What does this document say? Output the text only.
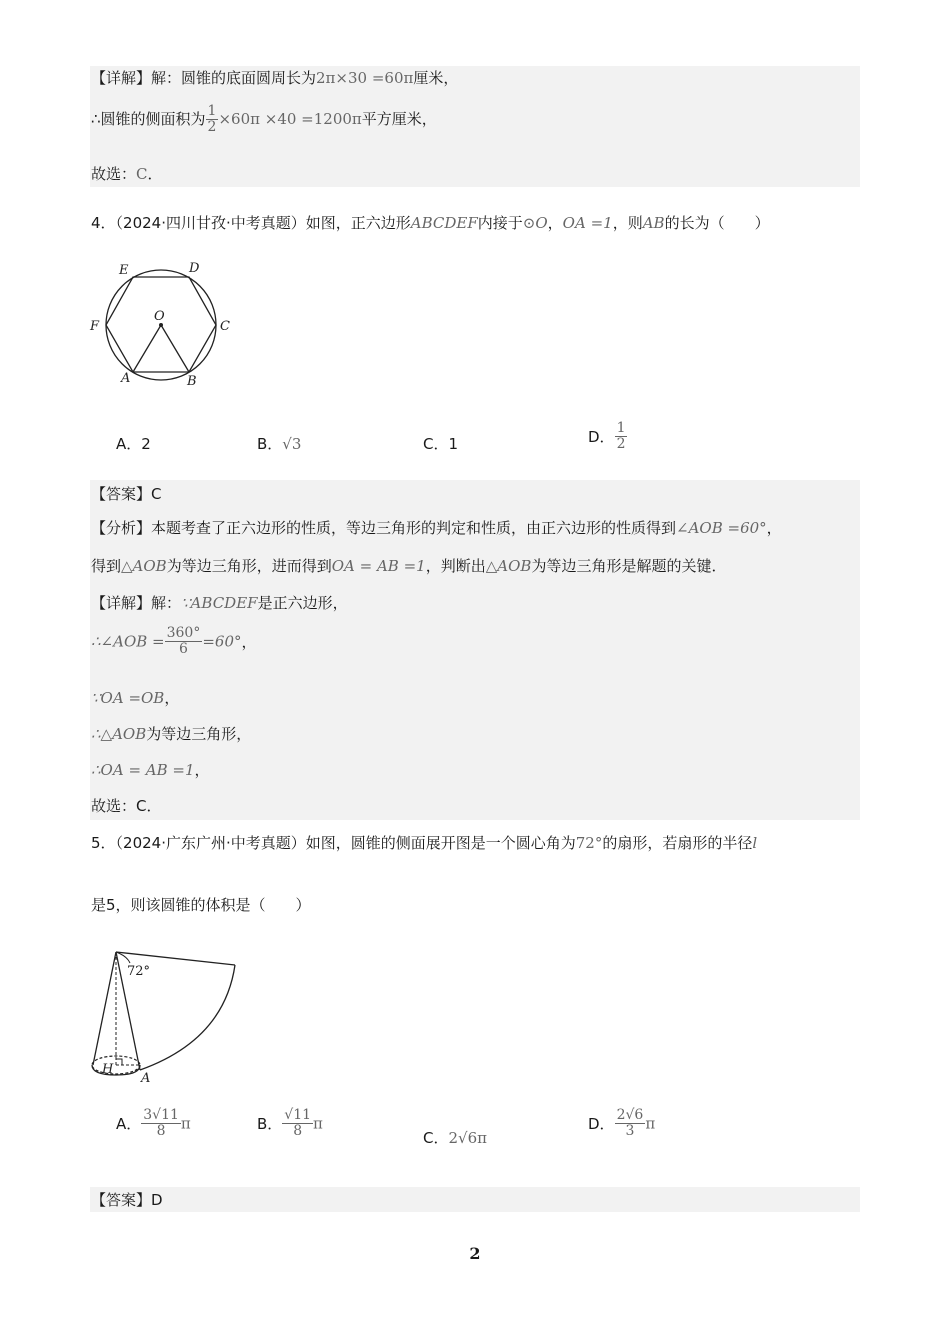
【详解】解：圆锥的底面圆周长为2π×30 =60π厘米，
∴圆锥的侧面积为 $\frac{1}{2} \times 60\pi \times 40 =1200\pi$平方厘米，
故选：C．
4．（2024·四川甘孜·中考真题）如图，正六边形ABCDEF内接于⊙O，OA =1，则AB的长为（　　）
E	D
F
O
C
A	B
A．2	B．√3	C．1	D． $\frac{1}{2}$
【答案】C
【分析】本题考查了正六边形的性质，等边三角形的判定和性质，由正六边形的性质得到∠AOB =60°，
得到△AOB为等边三角形，进而得到OA = AB =1，判断出△AOB为等边三角形是解题的关键．
【详解】解：∵ABCDEF是正六边形，
∴∠AOB = $\frac{360^\circ}{6} =60^\circ$，
∵OA =OB，
∴△AOB为等边三角形，
∴OA = AB =1，
故选：C．
5．（2024·广东广州·中考真题）如图，圆锥的侧面展开图是一个圆心角为72°的扇形，若扇形的半径l
是5，则该圆锥的体积是（　　）
72°
H
A
A． $\frac{3√11}{8}$ π	B． $\frac{√11}{8}$ π
C．2√6π
D． $\frac{2√6}{3}$ π
【答案】D
2
